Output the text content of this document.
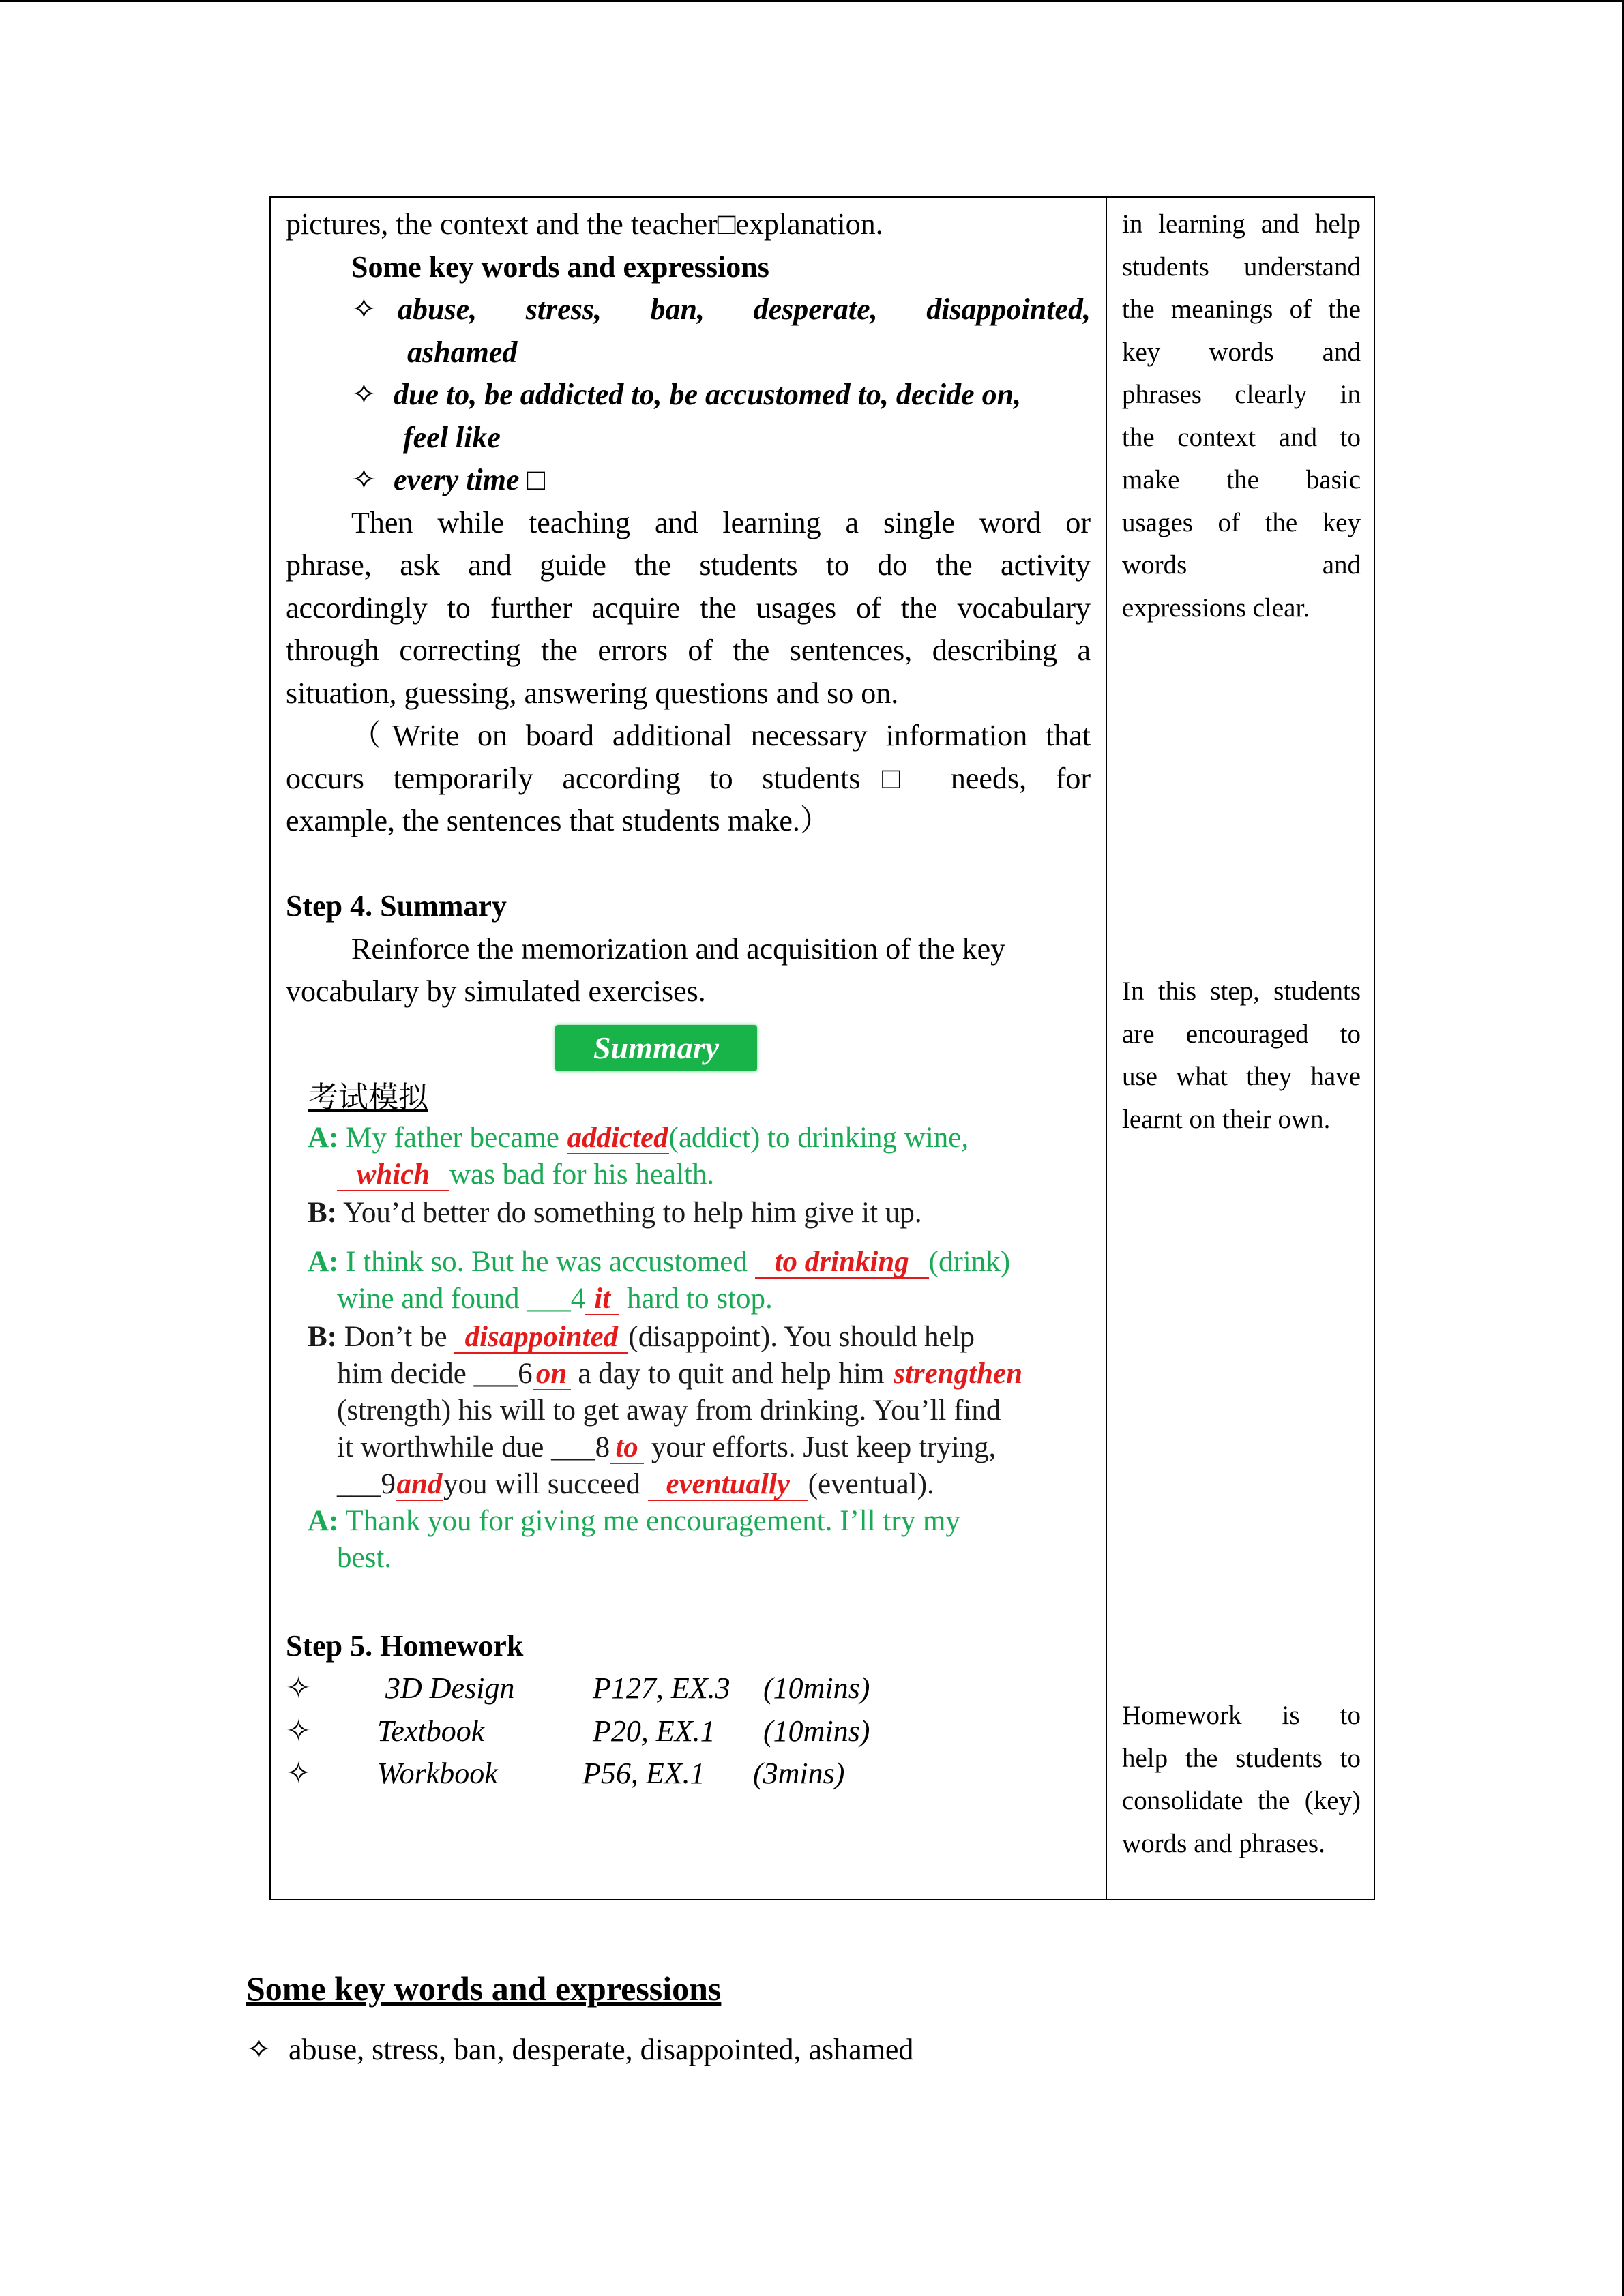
pictures, the context and the teacher□explanation.

Some key words and expressions

✧ abuse, stress, ban, desperate, disappointed,

ashamed

✧ due to, be addicted to, be accustomed to, decide on,

feel like

✧ every time □

Then while teaching and learning a single word or

phrase, ask and guide the students to do the activity

accordingly to further acquire the usages of the vocabulary

through correcting the errors of the sentences, describing a

situation, guessing, answering questions and so on.

（Write on board additional necessary information that

occurs temporarily according to students□ needs, for

example, the sentences that students make.）

Step 4. Summary

Reinforce the memorization and acquisition of the key

vocabulary by simulated exercises.

Summary
考试模拟
A: My father became addicted(addict) to drinking wine,
which was bad for his health.
B: You’d better do something to help him give it up.
A: I think so. But he was accustomed to drinking (drink)
wine and found ___4 it hard to stop.
B: Don’t be disappointed (disappoint). You should help
him decide ___6 on a day to quit and help him strengthen
(strength) his will to get away from drinking. You’ll find
it worthwhile due ___8 to your efforts. Just keep trying,
___9andyou will succeed eventually (eventual).
A: Thank you for giving me encouragement. I’ll try my
best.

Step 5. Homework

✧	3D Design	P127, EX.3	(10mins)
✧	Textbook	P20, EX.1	(10mins)
✧	Workbook	P56, EX.1	(3mins)

in learning and help

students understand

the meanings of the

key words and

phrases clearly in

the context and to

make the basic

usages of the key

words and

expressions clear.

In this step, students

are encouraged to

use what they have

learnt on their own.

Homework is to

help the students to

consolidate the (key)

words and phrases.

Some key words and expressions
✧ abuse, stress, ban, desperate, disappointed, ashamed
